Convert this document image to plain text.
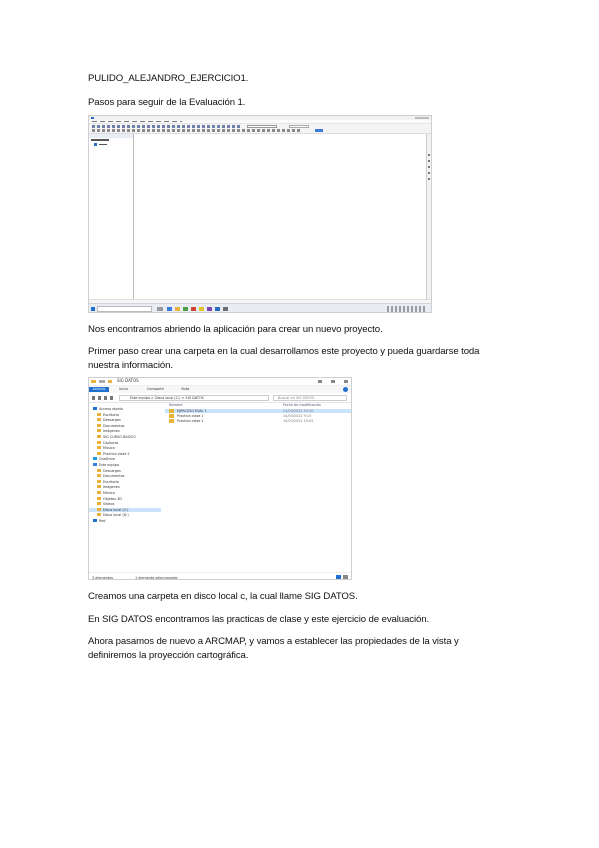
PULIDO_ALEJANDRO_EJERCICIO1.
Pasos para seguir de la Evaluación 1.
Nos encontramos abriendo la aplicación para crear un nuevo proyecto.
Primer paso crear una carpeta en la cual desarrollamos este proyecto y pueda guardarse toda
nuestra información.
SIG DATOS
Archivo	Inicio	Compartir	Vista
Este equipo > Disco local (C:) > SIG DATOS	Buscar en SIG DATOS
Acceso rápido
Escritorio
Descargas
Documentos
Imágenes
SIG CURSO BASICO
Capturas
Música
Practica clase 2
OneDrive
Este equipo
Descargas
Documentos
Escritorio
Imágenes
Música
Objetos 3D
Vídeos
Disco local (C:)
Disco local (D:)
Red
Nombre	Fecha de modificación
EJERCICIO EVAL 1	21/03/2022 10:20
Practica clase 1	14/03/2022 9:15
Practica clase 2	15/03/2022 10:05
3 elementos	1 elemento seleccionado
Creamos una carpeta en disco local c, la cual llame SIG DATOS.
En SIG DATOS encontramos las practicas de clase y este ejercicio de evaluación.
Ahora pasamos de nuevo a ARCMAP, y vamos a establecer las propiedades de la vista y
definiremos la proyección cartográfica.
